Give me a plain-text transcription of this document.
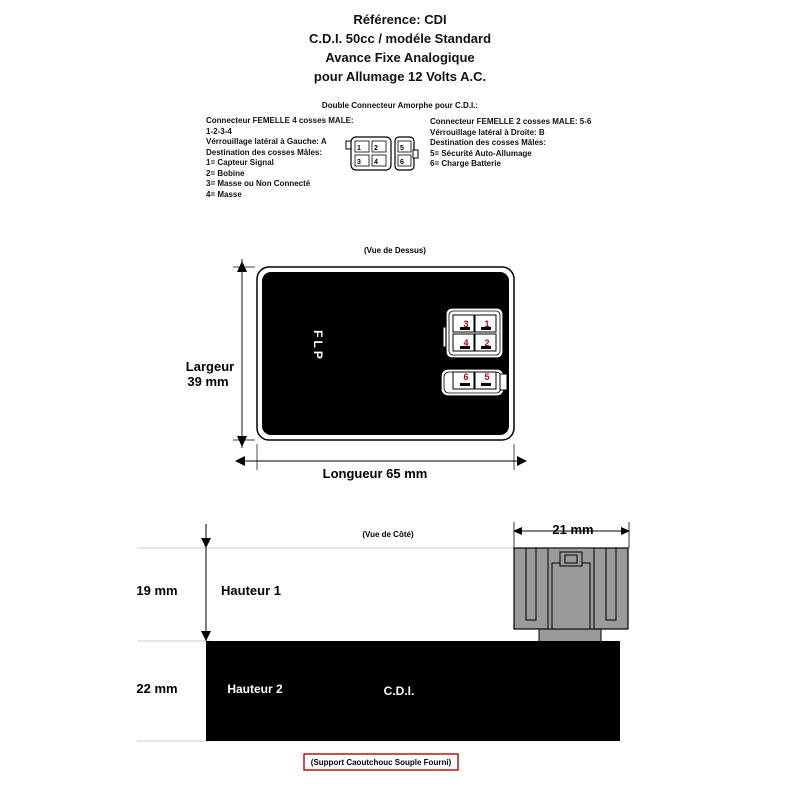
Référence: CDI
C.D.I. 50cc / modéle Standard
Avance Fixe Analogique
pour Allumage 12 Volts A.C.
Double Connecteur Amorphe pour C.D.I.:
Connecteur FEMELLE 4 cosses MALE: 1-2-3-4
Vérrouillage latéral à Gauche: A
Destination des cosses Mâles:
1= Capteur Signal
2= Bobine
3= Masse ou Non Connecté
4= Masse
Connecteur FEMELLE 2 cosses MALE: 5-6
Vérrouillage latéral à Droite: B
Destination des cosses Mâles:
5= Sécurité Auto-Allumage
6= Charge Batterie
1 2
3 4
5
6
(Vue de Dessus)
FLP
3 1
4 2
A
6 5
B
Largeur
39 mm
Longueur 65 mm
(Vue de Côté)	21 mm
19 mm	Hauteur 1
22 mm	Hauteur 2	C.D.I.
(Support Caoutchouc Souple Fourni)
